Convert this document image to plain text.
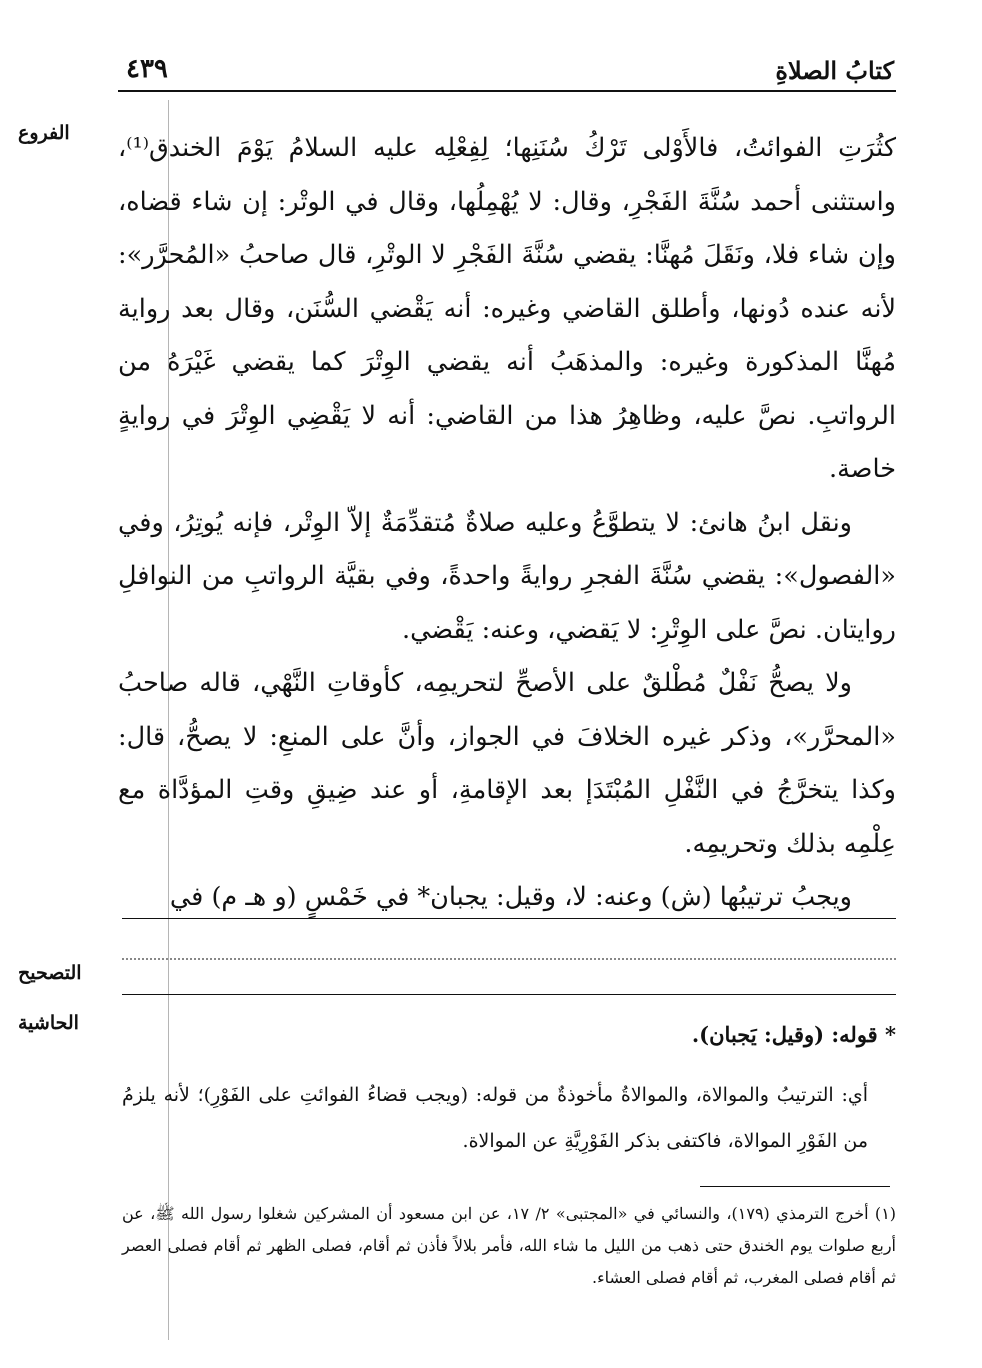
كتابُ الصلاةِ
٤٣٩
الفروع
التصحيح
الحاشية

كثُرَتِ الفوائتُ، فالأَوْلى تَرْكُ سُنَنِها؛ لِفِعْلِه عليه السلامُ يَوْمَ الخندق⁽¹⁾، واستثنى أحمد سُنَّةَ الفَجْرِ، وقال: لا يُهْمِلُها، وقال في الوتْر: إن شاء قضاه، وإن شاء فلا، ونَقَلَ مُهنَّا: يقضي سُنَّةَ الفَجْرِ لا الوتْرِ، قال صاحبُ «المُحرَّر»: لأنه عنده دُونها، وأطلق القاضي وغيره: أنه يَقْضي السُّنَن، وقال بعد رواية مُهنَّا المذكورة وغيره: والمذهَبُ أنه يقضي الوِتْرَ كما يقضي غَيْرَهُ من الرواتبِ. نصَّ عليه، وظاهِرُ هذا من القاضي: أنه لا يَقْضِي الوِتْرَ في روايةٍ خاصة.

ونقل ابنُ هانئ: لا يتطوَّعُ وعليه صلاةٌ مُتقدِّمَةٌ إلاّ الوِتْر، فإنه يُوتِرُ، وفي «الفصول»: يقضي سُنَّةَ الفجرِ روايةً واحدةً، وفي بقيَّة الرواتبِ من النوافلِ روايتان. نصَّ على الوِتْرِ: لا يَقضي، وعنه: يَقْضي.

ولا يصحُّ نَفْلٌ مُطْلقٌ على الأصحِّ لتحريمِه، كأوقاتِ النَّهْي، قاله صاحبُ «المحرَّر»، وذكر غيره الخلافَ في الجواز، وأنَّ على المنعِ: لا يصحُّ، قال: وكذا يتخرَّجُ في النَّفْلِ المُبْتَدَإ بعد الإقامةِ، أو عند ضِيقِ وقتِ المؤدَّاة مع عِلْمِه بذلك وتحريمِه.

ويجبُ ترتيبُها (ش) وعنه: لا، وقيل: يجبان* في خَمْسٍ (و هـ م) في

* قوله: (وقيل: يَجبان).
أي: الترتيبُ والموالاة، والموالاةُ مأخوذةٌ من قوله: (ويجب قضاءُ الفوائتِ على الفَوْرِ)؛ لأنه يلزمُ من الفَوْرِ الموالاة، فاكتفى بذكر الفَوْرِيَّةِ عن الموالاة.
(١) أخرج الترمذي (١٧٩)، والنسائي في «المجتبى» ٢/ ١٧، عن ابن مسعود أن المشركين شغلوا رسول الله ﷺ، عن أربع صلوات يوم الخندق حتى ذهب من الليل ما شاء الله، فأمر بلالاً فأذن ثم أقام، فصلى الظهر ثم أقام فصلى العصر ثم أقام فصلى المغرب، ثم أقام فصلى العشاء.
